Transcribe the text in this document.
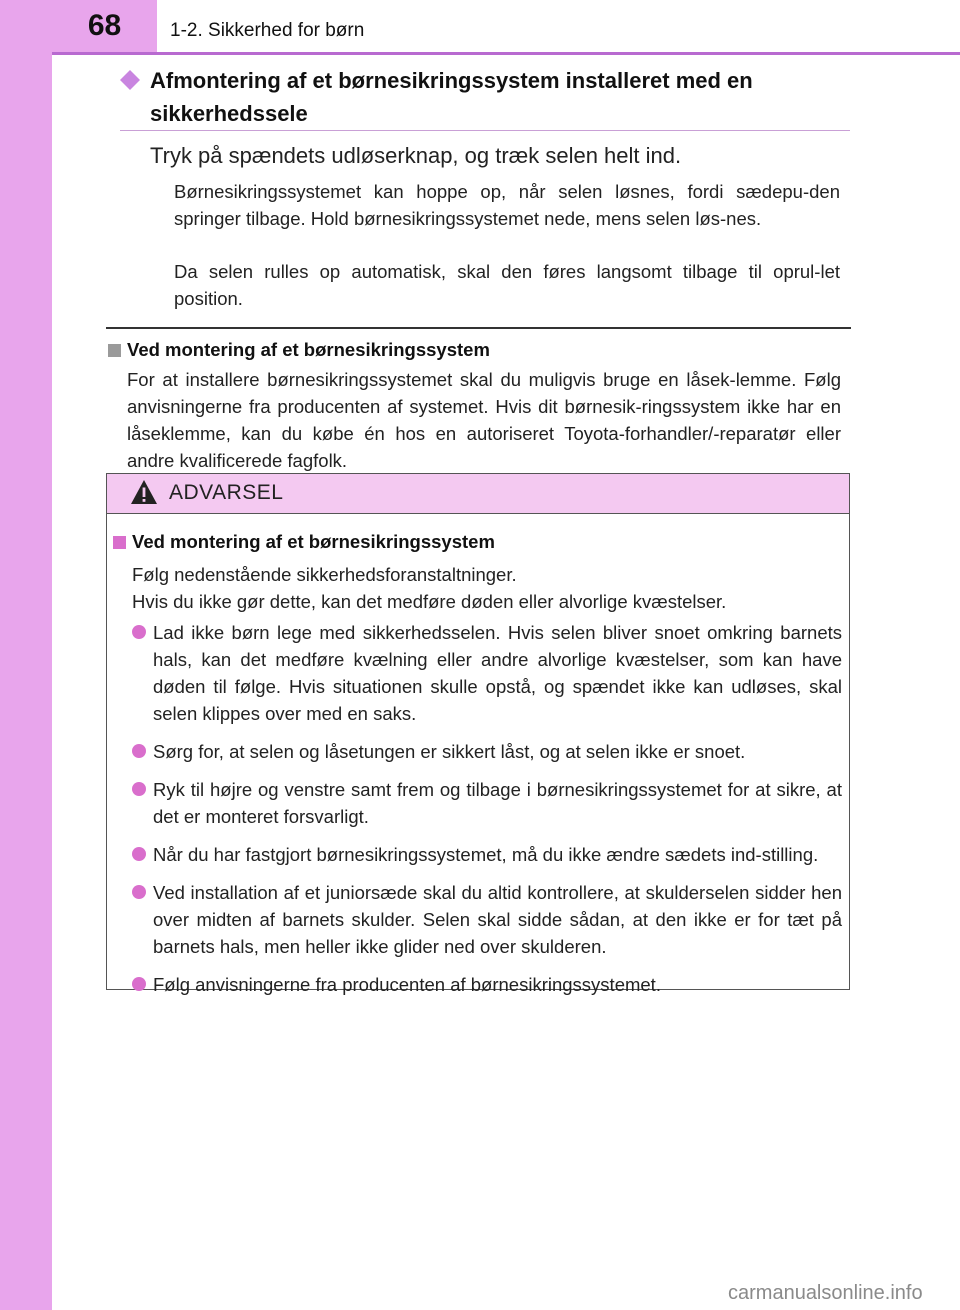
68	1-2. Sikkerhed for børn
Afmontering af et børnesikringssystem installeret med en sikkerhedssele
Tryk på spændets udløserknap, og træk selen helt ind.
Børnesikringssystemet kan hoppe op, når selen løsnes, fordi sædepu-den springer tilbage. Hold børnesikringssystemet nede, mens selen løs-nes.
Da selen rulles op automatisk, skal den føres langsomt tilbage til oprul-let position.
Ved montering af et børnesikringssystem
For at installere børnesikringssystemet skal du muligvis bruge en låsek-lemme. Følg anvisningerne fra producenten af systemet. Hvis dit børnesik-ringssystem ikke har en låseklemme, kan du købe én hos en autoriseret Toyota-forhandler/-reparatør eller andre kvalificerede fagfolk.
ADVARSEL
Ved montering af et børnesikringssystem
Følg nedenstående sikkerhedsforanstaltninger.
Hvis du ikke gør dette, kan det medføre døden eller alvorlige kvæstelser.
Lad ikke børn lege med sikkerhedsselen. Hvis selen bliver snoet omkring barnets hals, kan det medføre kvælning eller andre alvorlige kvæstelser, som kan have døden til følge. Hvis situationen skulle opstå, og spændet ikke kan udløses, skal selen klippes over med en saks.
Sørg for, at selen og låsetungen er sikkert låst, og at selen ikke er snoet.
Ryk til højre og venstre samt frem og tilbage i børnesikringssystemet for at sikre, at det er monteret forsvarligt.
Når du har fastgjort børnesikringssystemet, må du ikke ændre sædets ind-stilling.
Ved installation af et juniorsæde skal du altid kontrollere, at skulderselen sidder hen over midten af barnets skulder. Selen skal sidde sådan, at den ikke er for tæt på barnets hals, men heller ikke glider ned over skulderen.
Følg anvisningerne fra producenten af børnesikringssystemet.
carmanualsonline.info
